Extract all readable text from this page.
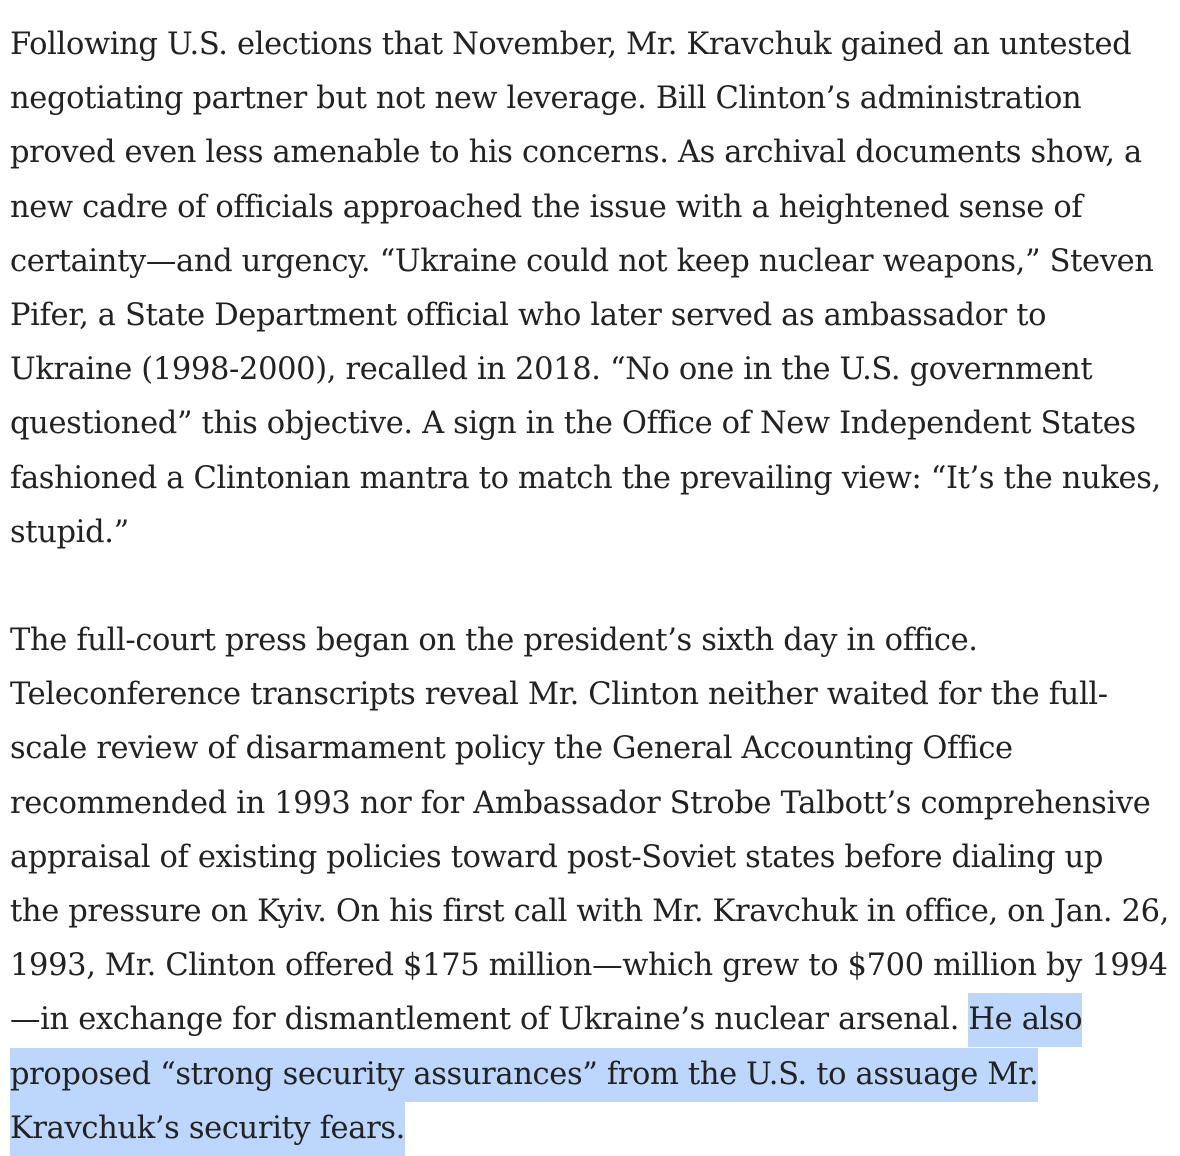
Following U.S. elections that November, Mr. Kravchuk gained an untested
negotiating partner but not new leverage. Bill Clinton’s administration
proved even less amenable to his concerns. As archival documents show, a
new cadre of officials approached the issue with a heightened sense of
certainty—and urgency. “Ukraine could not keep nuclear weapons,” Steven
Pifer, a State Department official who later served as ambassador to
Ukraine (1998-2000), recalled in 2018. “No one in the U.S. government
questioned” this objective. A sign in the Office of New Independent States
fashioned a Clintonian mantra to match the prevailing view: “It’s the nukes,
stupid.”
The full-court press began on the president’s sixth day in office.
Teleconference transcripts reveal Mr. Clinton neither waited for the full-
scale review of disarmament policy the General Accounting Office
recommended in 1993 nor for Ambassador Strobe Talbott’s comprehensive
appraisal of existing policies toward post-Soviet states before dialing up
the pressure on Kyiv. On his first call with Mr. Kravchuk in office, on Jan. 26,
1993, Mr. Clinton offered $175 million—which grew to $700 million by 1994
—in exchange for dismantlement of Ukraine’s nuclear arsenal. He also
proposed “strong security assurances” from the U.S. to assuage Mr.
Kravchuk’s security fears.
